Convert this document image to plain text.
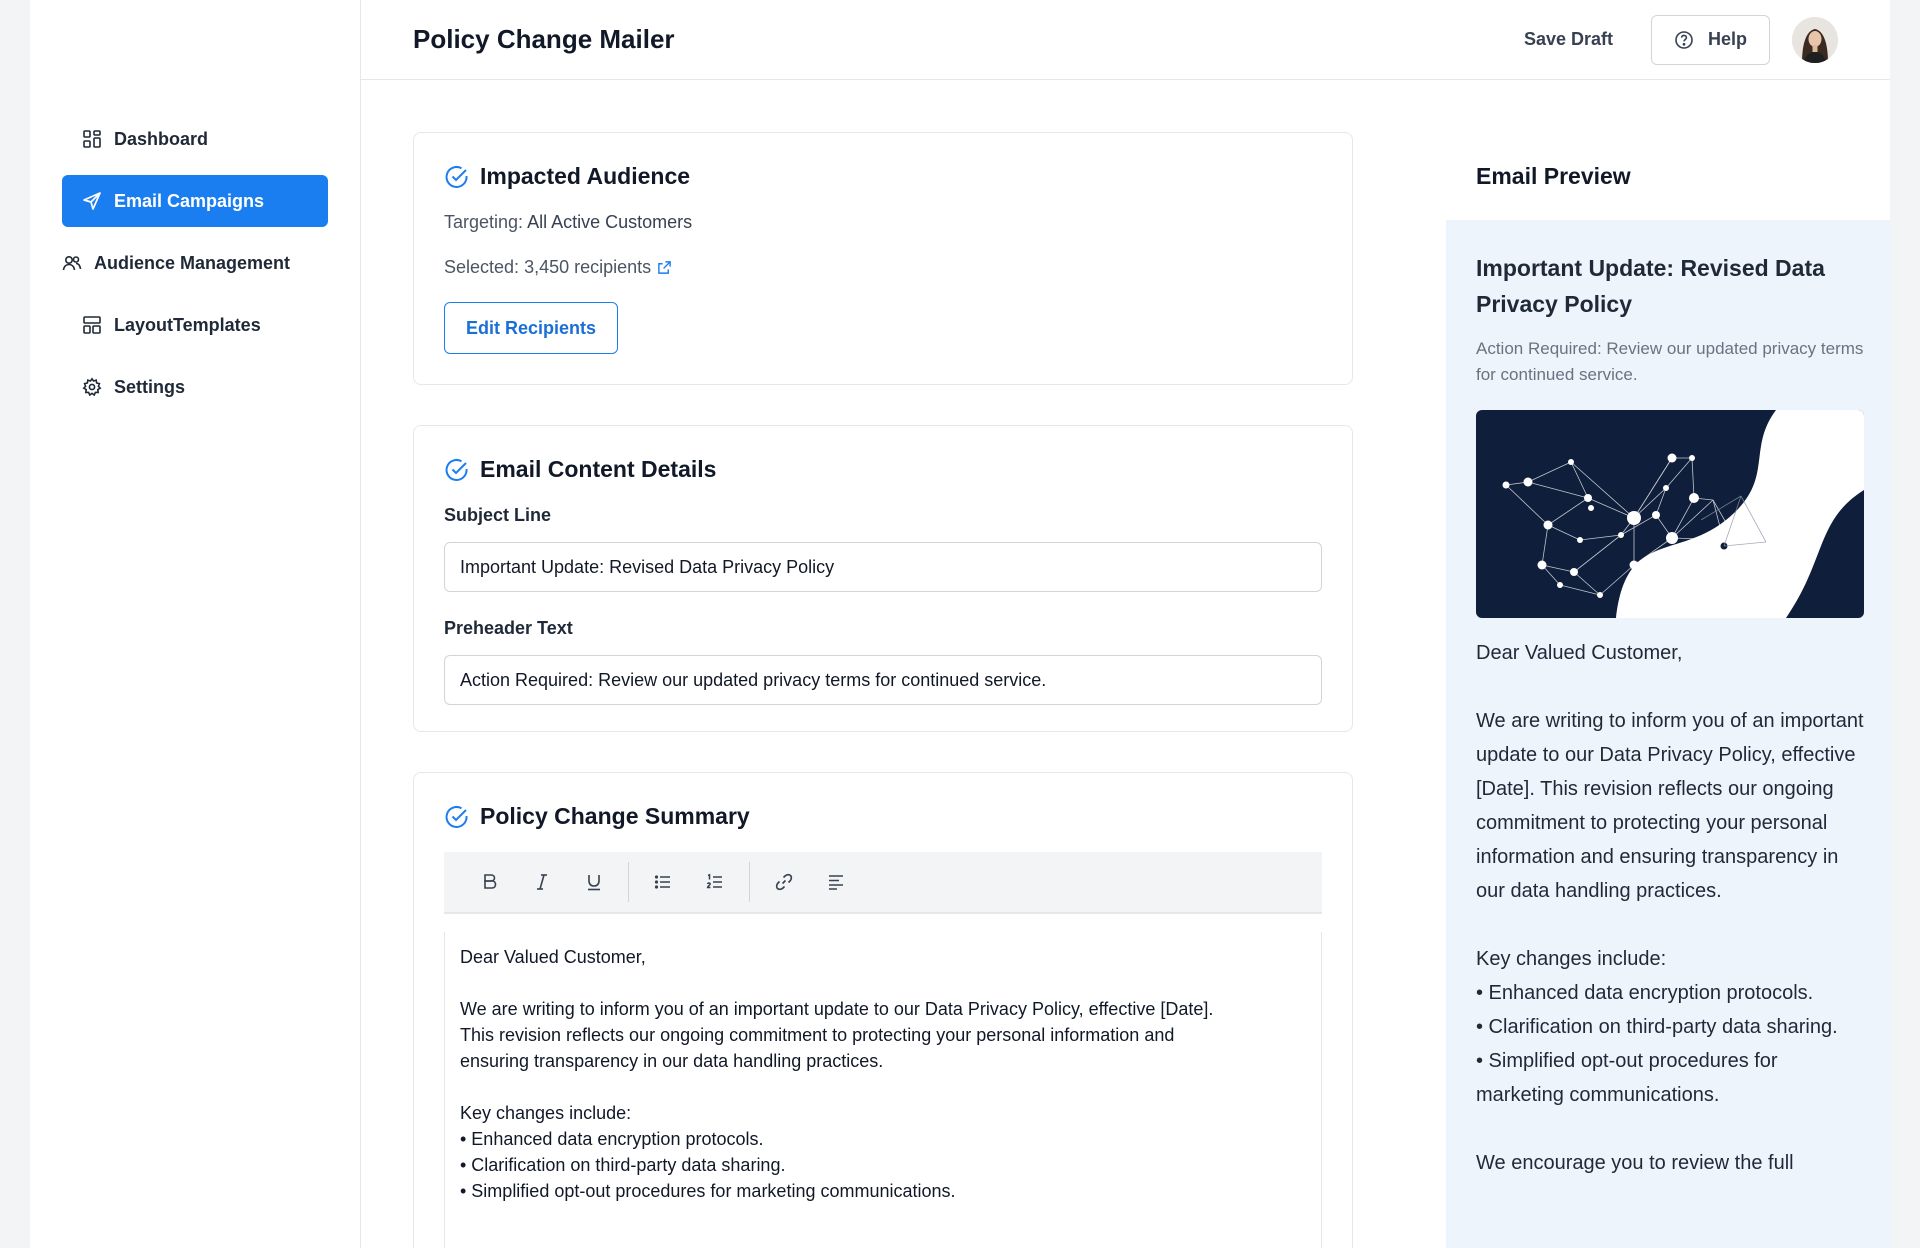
Dashboard
Email Campaigns
Audience Management
LayoutTemplates
Settings
Policy Change Mailer	Save Draft	Help
Impacted Audience
Targeting: All Active Customers
Selected: 3,450 recipients
Edit Recipients
Email Content Details
Subject Line
Important Update: Revised Data Privacy Policy
Preheader Text
Action Required: Review our updated privacy terms for continued service.
Policy Change Summary
Dear Valued Customer,

We are writing to inform you of an important update to our Data Privacy Policy, effective [Date].
This revision reflects our ongoing commitment to protecting your personal information and
ensuring transparency in our data handling practices.

Key changes include:
• Enhanced data encryption protocols.
• Clarification on third-party data sharing.
• Simplified opt-out procedures for marketing communications.
Email Preview
Important Update: Revised Data Privacy Policy
Action Required: Review our updated privacy terms for continued service.
Dear Valued Customer,

We are writing to inform you of an important update to our Data Privacy Policy, effective [Date]. This revision reflects our ongoing commitment to protecting your personal information and ensuring transparency in our data handling practices.

Key changes include:
• Enhanced data encryption protocols.
• Clarification on third-party data sharing.
• Simplified opt-out procedures for marketing communications.

We encourage you to review the full
